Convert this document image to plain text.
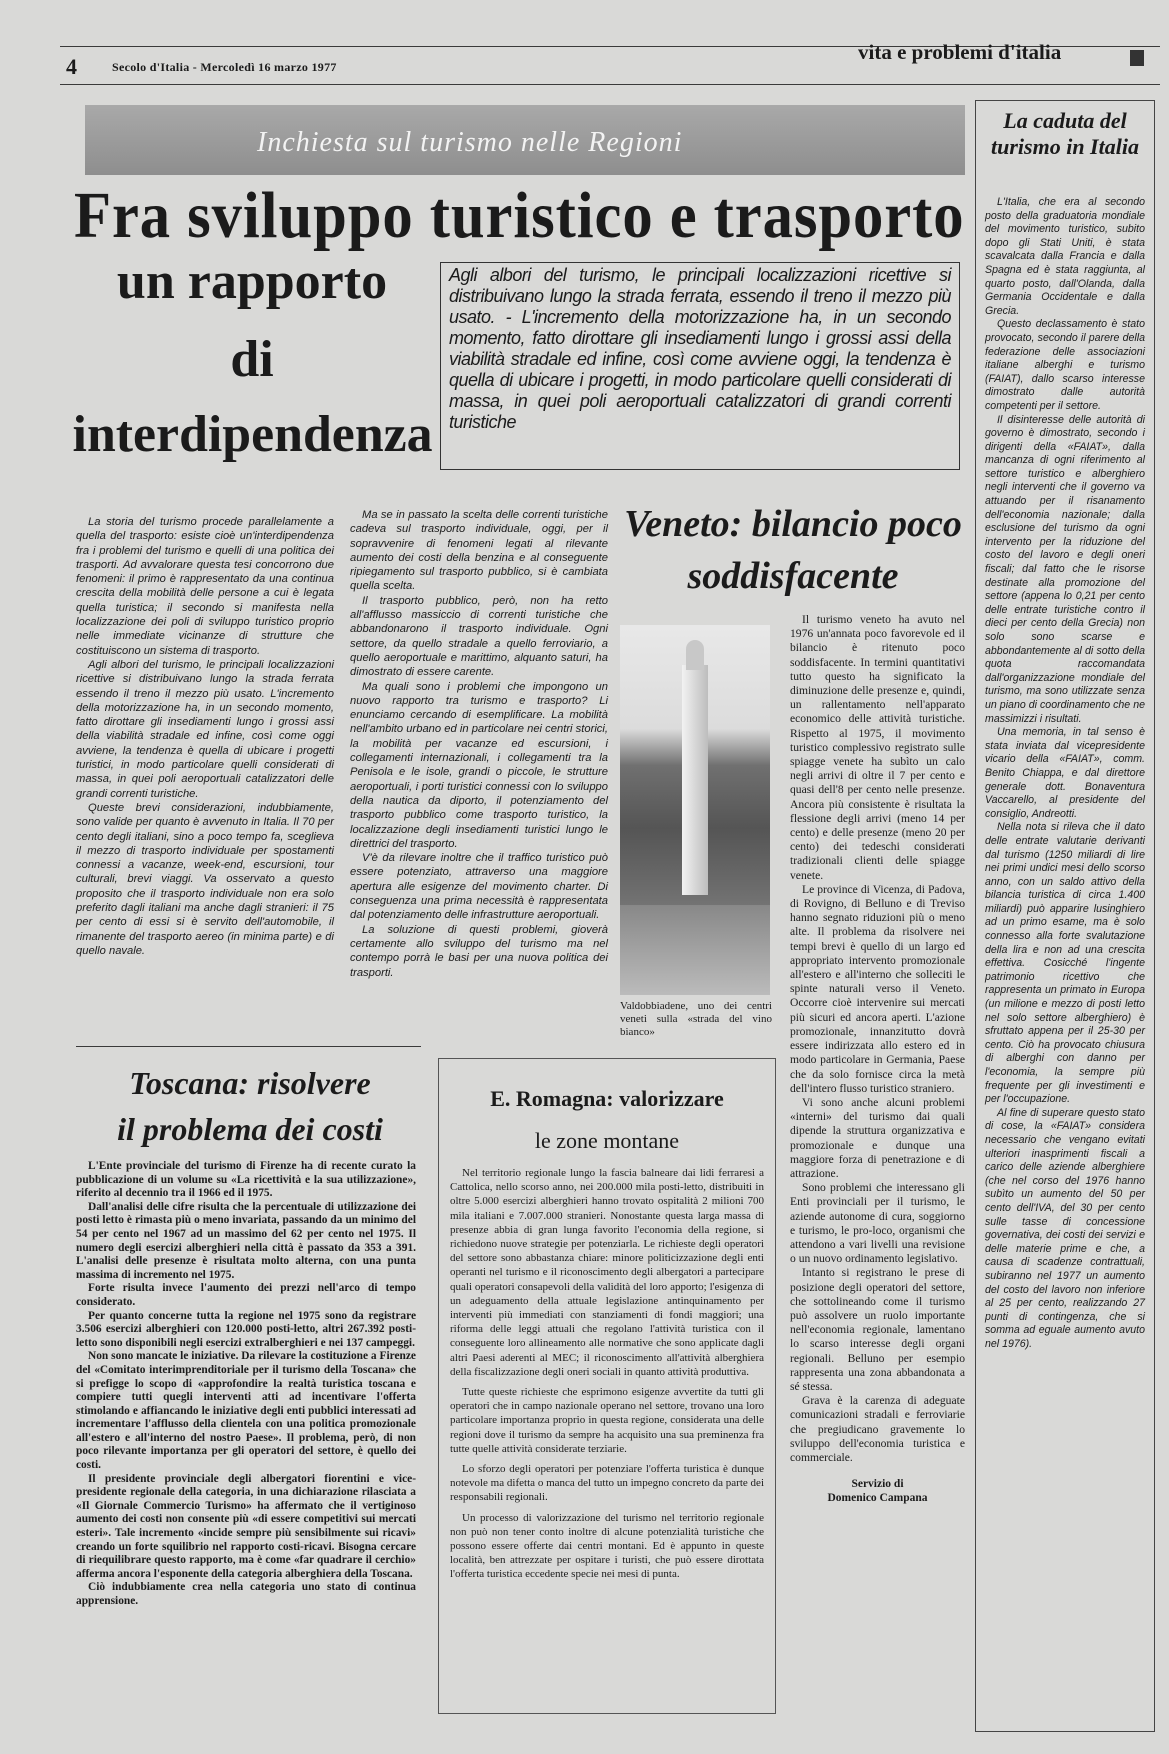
4	Secolo d'Italia - Mercoledì 16 marzo 1977
vita e problemi d'italia
Inchiesta sul turismo nelle Regioni
Fra sviluppo turistico e trasporto
un rapporto
di
interdipendenza
Agli albori del turismo, le principali localizzazioni ricettive si distribuivano lungo la strada ferrata, essendo il treno il mezzo più usato. - L'incremento della motorizzazione ha, in un secondo momento, fatto dirottare gli insediamenti lungo i grossi assi della viabilità stradale ed infine, così come avviene oggi, la tendenza è quella di ubicare i progetti, in modo particolare quelli considerati di massa, in quei poli aeroportuali catalizzatori di grandi correnti turistiche

La storia del turismo procede parallelamente a quella del trasporto: esiste cioè un'interdipendenza fra i problemi del turismo e quelli di una politica dei trasporti. Ad avvalorare questa tesi concorrono due fenomeni: il primo è rappresentato da una continua crescita della mobilità delle persone a cui è legata quella turistica; il secondo si manifesta nella localizzazione dei poli di sviluppo turistico proprio nelle immediate vicinanze di strutture che costituiscono un sistema di trasporto.

Agli albori del turismo, le principali localizzazioni ricettive si distribuivano lungo la strada ferrata essendo il treno il mezzo più usato. L'incremento della motorizzazione ha, in un secondo momento, fatto dirottare gli insediamenti lungo i grossi assi della viabilità stradale ed infine, così come oggi avviene, la tendenza è quella di ubicare i progetti turistici, in modo particolare quelli considerati di massa, in quei poli aeroportuali catalizzatori delle grandi correnti turistiche.

Queste brevi considerazioni, indubbiamente, sono valide per quanto è avvenuto in Italia. Il 70 per cento degli italiani, sino a poco tempo fa, sceglieva il mezzo di trasporto individuale per spostamenti connessi a vacanze, week-end, escursioni, tour culturali, brevi viaggi. Va osservato a questo proposito che il trasporto individuale non era solo preferito dagli italiani ma anche dagli stranieri: il 75 per cento di essi si è servito dell'automobile, il rimanente del trasporto aereo (in minima parte) e di quello navale.

Ma se in passato la scelta delle correnti turistiche cadeva sul trasporto individuale, oggi, per il sopravvenire di fenomeni legati al rilevante aumento dei costi della benzina e al conseguente ripiegamento sul trasporto pubblico, si è cambiata quella scelta.

Il trasporto pubblico, però, non ha retto all'afflusso massiccio di correnti turistiche che abbandonarono il trasporto individuale. Ogni settore, da quello stradale a quello ferroviario, a quello aeroportuale e marittimo, alquanto saturi, ha dimostrato di essere carente.

Ma quali sono i problemi che impongono un nuovo rapporto tra turismo e trasporto? Li enunciamo cercando di esemplificare. La mobilità nell'ambito urbano ed in particolare nei centri storici, la mobilità per vacanze ed escursioni, i collegamenti internazionali, i collegamenti tra la Penisola e le isole, grandi o piccole, le strutture aeroportuali, i porti turistici connessi con lo sviluppo della nautica da diporto, il potenziamento del trasporto pubblico come trasporto turistico, la localizzazione degli insediamenti turistici lungo le direttrici del trasporto.

V'è da rilevare inoltre che il traffico turistico può essere potenziato, attraverso una maggiore apertura alle esigenze del movimento charter. Di conseguenza una prima necessità è rappresentata dal potenziamento delle infrastrutture aeroportuali.

La soluzione di questi problemi, gioverà certamente allo sviluppo del turismo ma nel contempo porrà le basi per una nuova politica dei trasporti.

Veneto: bilancio poco soddisfacente
Valdobbiadene, uno dei centri veneti sulla «strada del vino bianco»

Il turismo veneto ha avuto nel 1976 un'annata poco favorevole ed il bilancio è ritenuto poco soddisfacente. In termini quantitativi tutto questo ha significato la diminuzione delle presenze e, quindi, un rallentamento nell'apparato economico delle attività turistiche. Rispetto al 1975, il movimento turistico complessivo registrato sulle spiagge venete ha subìto un calo negli arrivi di oltre il 7 per cento e quasi dell'8 per cento nelle presenze. Ancora più consistente è risultata la flessione degli arrivi (meno 14 per cento) e delle presenze (meno 20 per cento) dei tedeschi considerati tradizionali clienti delle spiagge venete.

Le province di Vicenza, di Padova, di Rovigno, di Belluno e di Treviso hanno segnato riduzioni più o meno alte. Il problema da risolvere nei tempi brevi è quello di un largo ed appropriato intervento promozionale all'estero e all'interno che solleciti le spinte naturali verso il Veneto. Occorre cioè intervenire sui mercati più sicuri ed ancora aperti. L'azione promozionale, innanzitutto dovrà essere indirizzata allo estero ed in modo particolare in Germania, Paese che da solo fornisce circa la metà dell'intero flusso turistico straniero.

Vi sono anche alcuni problemi «interni» del turismo dai quali dipende la struttura organizzativa e promozionale e dunque una maggiore forza di penetrazione e di attrazione.

Sono problemi che interessano gli Enti provinciali per il turismo, le aziende autonome di cura, soggiorno e turismo, le pro-loco, organismi che attendono a vari livelli una revisione o un nuovo ordinamento legislativo.

Intanto si registrano le prese di posizione degli operatori del settore, che sottolineando come il turismo può assolvere un ruolo importante nell'economia regionale, lamentano lo scarso interesse degli organi regionali. Belluno per esempio rappresenta una zona abbandonata a sé stessa.

Grava è la carenza di adeguate comunicazioni stradali e ferroviarie che pregiudicano gravemente lo sviluppo dell'economia turistica e commerciale.

Servizio di
Domenico Campana
La caduta del turismo in Italia

L'Italia, che era al secondo posto della graduatoria mondiale del movimento turistico, subito dopo gli Stati Uniti, è stata scavalcata dalla Francia e dalla Spagna ed è stata raggiunta, al quarto posto, dall'Olanda, dalla Germania Occidentale e dalla Grecia.

Questo declassamento è stato provocato, secondo il parere della federazione delle associazioni italiane alberghi e turismo (FAIAT), dallo scarso interesse dimostrato dalle autorità competenti per il settore.

Il disinteresse delle autorità di governo è dimostrato, secondo i dirigenti della «FAIAT», dalla mancanza di ogni riferimento al settore turistico e alberghiero negli interventi che il governo va attuando per il risanamento dell'economia nazionale; dalla esclusione del turismo da ogni intervento per la riduzione del costo del lavoro e degli oneri fiscali; dal fatto che le risorse destinate alla promozione del settore (appena lo 0,21 per cento delle entrate turistiche contro il dieci per cento della Grecia) non solo sono scarse e abbondantemente al di sotto della quota raccomandata dall'organizzazione mondiale del turismo, ma sono utilizzate senza un piano di coordinamento che ne massimizzi i risultati.

Una memoria, in tal senso è stata inviata dal vicepresidente vicario della «FAIAT», comm. Benito Chiappa, e dal direttore generale dott. Bonaventura Vaccarello, al presidente del consiglio, Andreotti.

Nella nota si rileva che il dato delle entrate valutarie derivanti dal turismo (1250 miliardi di lire nei primi undici mesi dello scorso anno, con un saldo attivo della bilancia turistica di circa 1.400 miliardi) può apparire lusinghiero ad un primo esame, ma è solo connesso alla forte svalutazione della lira e non ad una crescita effettiva. Cosicché l'ingente patrimonio ricettivo che rappresenta un primato in Europa (un milione e mezzo di posti letto nel solo settore alberghiero) è sfruttato appena per il 25-30 per cento. Ciò ha provocato chiusura di alberghi con danno per l'economia, la sempre più frequente per gli investimenti e per l'occupazione.

Al fine di superare questo stato di cose, la «FAIAT» considera necessario che vengano evitati ulteriori inasprimenti fiscali a carico delle aziende alberghiere (che nel corso del 1976 hanno subìto un aumento del 50 per cento dell'IVA, del 30 per cento sulle tasse di concessione governativa, dei costi dei servizi e delle materie prime e che, a causa di scadenze contrattuali, subiranno nel 1977 un aumento del costo del lavoro non inferiore al 25 per cento, realizzando 27 punti di contingenza, che si somma ad eguale aumento avuto nel 1976).

Toscana: risolvere
il problema dei costi

L'Ente provinciale del turismo di Firenze ha di recente curato la pubblicazione di un volume su «La ricettività e la sua utilizzazione», riferito al decennio tra il 1966 ed il 1975.

Dall'analisi delle cifre risulta che la percentuale di utilizzazione dei posti letto è rimasta più o meno invariata, passando da un minimo del 54 per cento nel 1967 ad un massimo del 62 per cento nel 1975. Il numero degli esercizi alberghieri nella città è passato da 353 a 391. L'analisi delle presenze è risultata molto alterna, con una punta massima di incremento nel 1975.

Forte risulta invece l'aumento dei prezzi nell'arco di tempo considerato.

Per quanto concerne tutta la regione nel 1975 sono da registrare 3.506 esercizi alberghieri con 120.000 posti-letto, altri 267.392 posti-letto sono disponibili negli esercizi extralberghieri e nei 137 campeggi.

Non sono mancate le iniziative. Da rilevare la costituzione a Firenze del «Comitato interimprenditoriale per il turismo della Toscana» che si prefigge lo scopo di «approfondire la realtà turistica toscana e compiere tutti quegli interventi atti ad incentivare l'offerta stimolando e affiancando le iniziative degli enti pubblici interessati ad incrementare l'afflusso della clientela con una politica promozionale all'estero e all'interno del nostro Paese». Il problema, però, di non poco rilevante importanza per gli operatori del settore, è quello dei costi.

Il presidente provinciale degli albergatori fiorentini e vice-presidente regionale della categoria, in una dichiarazione rilasciata a «Il Giornale Commercio Turismo» ha affermato che il vertiginoso aumento dei costi non consente più «di essere competitivi sui mercati esteri». Tale incremento «incide sempre più sensibilmente sui ricavi» creando un forte squilibrio nel rapporto costi-ricavi. Bisogna cercare di riequilibrare questo rapporto, ma è come «far quadrare il cerchio» afferma ancora l'esponente della categoria alberghiera della Toscana.

Ciò indubbiamente crea nella categoria uno stato di continua apprensione.

E. Romagna: valorizzare
le zone montane

Nel territorio regionale lungo la fascia balneare dai lidi ferraresi a Cattolica, nello scorso anno, nei 200.000 mila posti-letto, distribuiti in oltre 5.000 esercizi alberghieri hanno trovato ospitalità 2 milioni 700 mila italiani e 7.007.000 stranieri. Nonostante questa larga massa di presenze abbia di gran lunga favorito l'economia della regione, si richiedono nuove strategie per potenziarla. Le richieste degli operatori del settore sono abbastanza chiare: minore politicizzazione degli enti operanti nel turismo e il riconoscimento degli albergatori a partecipare quali operatori consapevoli della validità del loro apporto; l'esigenza di un adeguamento della attuale legislazione antinquinamento per interventi più immediati con stanziamenti di fondi maggiori; una riforma delle leggi attuali che regolano l'attività turistica con il conseguente loro allineamento alle normative che sono applicate dagli altri Paesi aderenti al MEC; il riconoscimento all'attività alberghiera della fiscalizzazione degli oneri sociali in quanto attività produttiva.

Tutte queste richieste che esprimono esigenze avvertite da tutti gli operatori che in campo nazionale operano nel settore, trovano una loro particolare importanza proprio in questa regione, considerata una delle regioni dove il turismo da sempre ha acquisito una sua preminenza fra tutte quelle attività considerate terziarie.

Lo sforzo degli operatori per potenziare l'offerta turistica è dunque notevole ma difetta o manca del tutto un impegno concreto da parte dei responsabili regionali.

Un processo di valorizzazione del turismo nel territorio regionale non può non tener conto inoltre di alcune potenzialità turistiche che possono essere offerte dai centri montani. Ed è appunto in queste località, ben attrezzate per ospitare i turisti, che può essere dirottata l'offerta turistica eccedente specie nei mesi di punta.
